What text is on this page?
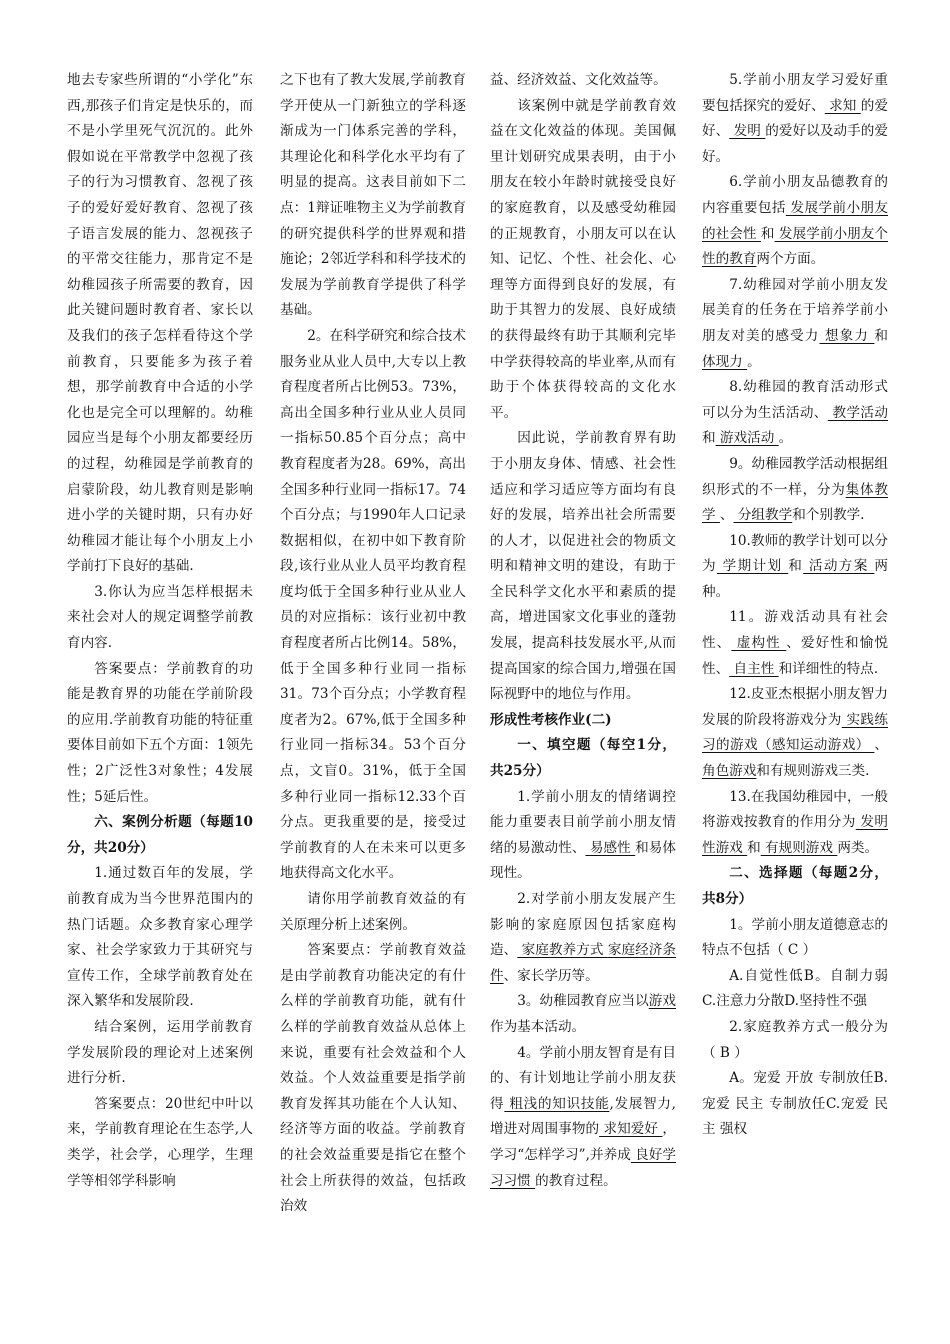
地去专家些所谓的“小学化”东西,那孩子们肯定是快乐的，而不是小学里死气沉沉的。此外假如说在平常教学中忽视了孩子的行为习惯教育、忽视了孩子的爱好爱好教育、忽视了孩子语言发展的能力、忽视孩子的平常交往能力，那肯定不是幼稚园孩子所需要的教育，因此关键问题时教育者、家长以及我们的孩子怎样看待这个学前教育，只要能多为孩子着想，那学前教育中合适的小学化也是完全可以理解的。幼稚园应当是每个小朋友都要经历的过程，幼稚园是学前教育的启蒙阶段，幼儿教育则是影响进小学的关键时期，只有办好幼稚园才能让每个小朋友上小学前打下良好的基础.

3.你认为应当怎样根据未来社会对人的规定调整学前教育内容.

答案要点：学前教育的功能是教育界的功能在学前阶段的应用.学前教育功能的特征重要体目前如下五个方面：1领先性；2广泛性3对象性；4发展性；5延后性。

六、案例分析题（每题10分，共20分）

1.通过数百年的发展，学前教育成为当今世界范围内的热门话题。众多教育家心理学家、社会学家致力于其研究与宣传工作，全球学前教育处在深入繁华和发展阶段.

结合案例，运用学前教育学发展阶段的理论对上述案例进行分析.

答案要点：20世纪中叶以来，学前教育理论在生态学,人类学，社会学，心理学，生理学等相邻学科影响

之下也有了教大发展,学前教育学开使从一门新独立的学科逐渐成为一门体系完善的学科，其理论化和科学化水平均有了明显的提高。这表目前如下二点：1辩证唯物主义为学前教育的研究提供科学的世界观和措施论；2邻近学科和科学技术的发展为学前教育学提供了科学基础。

2。在科学研究和综合技术服务业从业人员中,大专以上教育程度者所占比例53。73%，高出全国多种行业从业人员同一指标50.85个百分点；高中教育程度者为28。69%，高出全国多种行业同一指标17。74个百分点；与1990年人口记录数据相似，在初中如下教育阶段,该行业从业人员平均教育程度均低于全国多种行业从业人员的对应指标：该行业初中教育程度者所占比例14。58%，低于全国多种行业同一指标31。73个百分点；小学教育程度者为2。67%,低于全国多种行业同一指标34。53个百分点，文盲0。31%，低于全国多种行业同一指标12.33个百分点。更我重要的是，接受过学前教育的人在未来可以更多地获得高文化水平。

请你用学前教育效益的有关原理分析上述案例。

答案要点：学前教育效益是由学前教育功能决定的有什么样的学前教育功能，就有什么样的学前教育效益从总体上来说，重要有社会效益和个人效益。个人效益重要是指学前教育发挥其功能在个人认知、经济等方面的收益。学前教育的社会效益重要是指它在整个社会上所获得的效益，包括政治效

益、经济效益、文化效益等。

该案例中就是学前教育效益在文化效益的体现。美国佩里计划研究成果表明，由于小朋友在较小年龄时就接受良好的家庭教育，以及感受幼稚园的正规教育，小朋友可以在认知、记忆、个性、社会化、心理等方面得到良好的发展，有助于其智力的发展、良好成绩的获得最终有助于其顺利完毕中学获得较高的毕业率,从而有助于个体获得较高的文化水平。

因此说，学前教育界有助于小朋友身体、情感、社会性适应和学习适应等方面均有良好的发展，培养出社会所需要的人才，以促进社会的物质文明和精神文明的建设，有助于全民科学文化水平和素质的提高，增进国家文化事业的蓬勃发展，提高科技发展水平,从而提高国家的综合国力,增强在国际视野中的地位与作用。

形成性考核作业(二)

一、填空题（每空1分，共25分）

1.学前小朋友的情绪调控能力重要表目前学前小朋友情绪的易激动性、 易感性 和易体现性。

2.对学前小朋友发展产生影响的家庭原因包括家庭构造、 家庭教养方式 家庭经济条件、家长学历等。

3。幼稚园教育应当以游戏 作为基本活动。

4。学前小朋友智育是有目的、有计划地让学前小朋友获得 粗浅的知识技能,发展智力,增进对周围事物的 求知爱好 ，学习“怎样学习”,并养成 良好学习习惯 的教育过程。

5.学前小朋友学习爱好重要包括探究的爱好、 求知 的爱好、 发明 的爱好以及动手的爱好。

6.学前小朋友品德教育的内容重要包括 发展学前小朋友的社会性 和 发展学前小朋友个性的教育两个方面。

7.幼稚园对学前小朋友发展美育的任务在于培养学前小朋友对美的感受力 想象力 和 体现力 。

8.幼稚园的教育活动形式可以分为生活活动、 教学活动 和 游戏活动 。

9。幼稚园教学活动根据组织形式的不一样，分为集体教学 、 分组教学和个别教学.

10.教师的教学计划可以分为 学期计划 和 活动方案 两种。

11。游戏活动具有社会性、 虚构性 、爱好性和愉悦性、 自主性 和详细性的特点.

12.皮亚杰根据小朋友智力发展的阶段将游戏分为 实践练习的游戏（感知运动游戏） 、 角色游戏和有规则游戏三类.

13.在我国幼稚园中，一般将游戏按教育的作用分为 发明性游戏 和 有规则游戏 两类。

二、选择题（每题2分，共8分）

1。学前小朋友道德意志的特点不包括（ C ）

A.自觉性低B。自制力弱C.注意力分散D.坚持性不强

2.家庭教养方式一般分为（ B ）

A。宠爱 开放 专制放任B.宠爱 民主 专制放任C.宠爱 民主 强权
